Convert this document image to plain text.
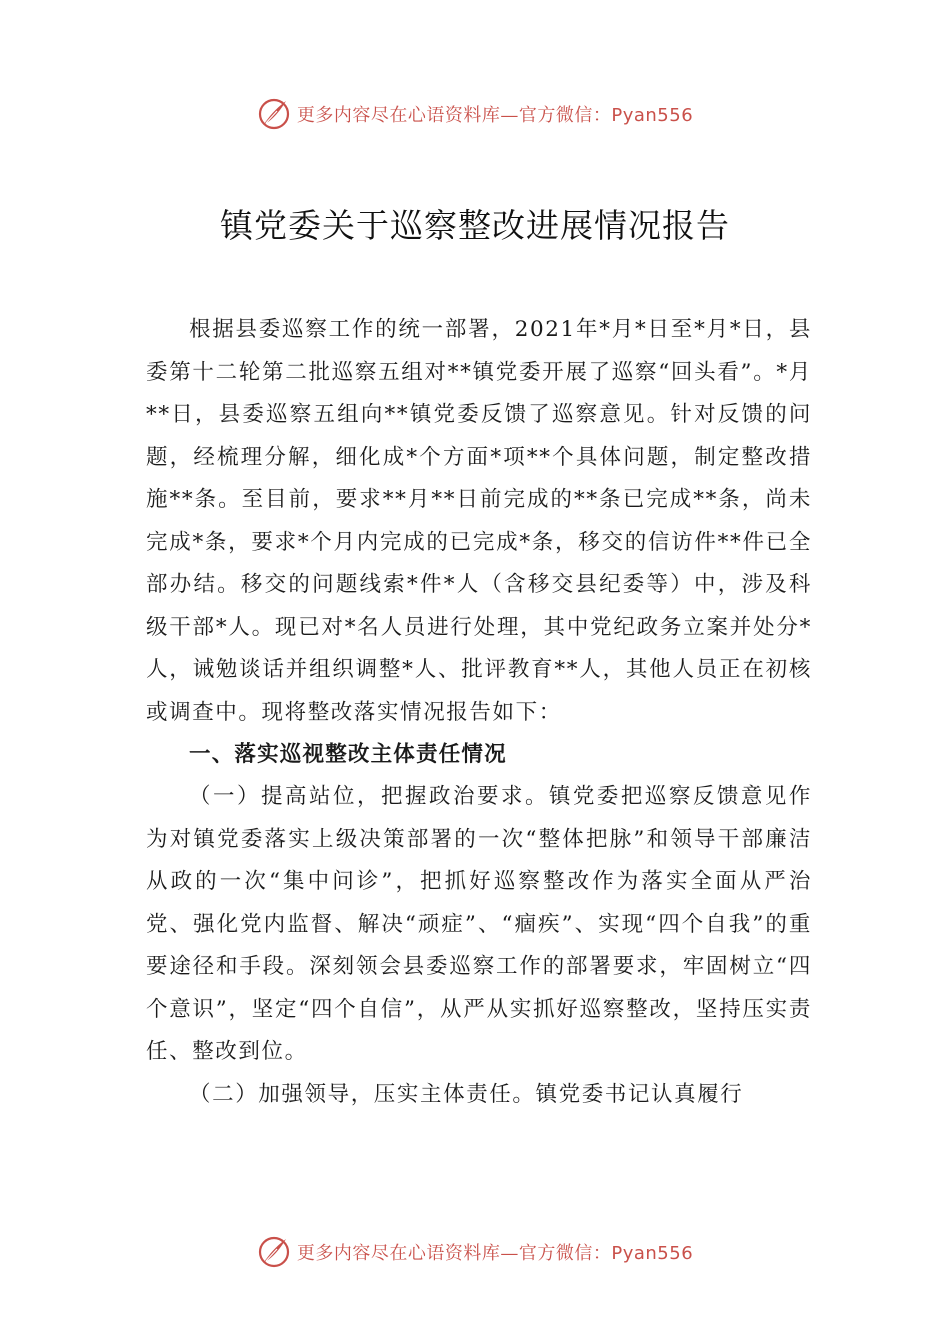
更多内容尽在心语资料库—官方微信：Pyan556
镇党委关于巡察整改进展情况报告

根据县委巡察工作的统一部署，2021年*月*日至*月*日，县委第十二轮第二批巡察五组对**镇党委开展了巡察“回头看”。*月**日，县委巡察五组向**镇党委反馈了巡察意见。针对反馈的问题，经梳理分解，细化成*个方面*项**个具体问题，制定整改措施**条。至目前，要求**月**日前完成的**条已完成**条，尚未完成*条，要求*个月内完成的已完成*条，移交的信访件**件已全部办结。移交的问题线索*件*人（含移交县纪委等）中，涉及科级干部*人。现已对*名人员进行处理，其中党纪政务立案并处分*人，诫勉谈话并组织调整*人、批评教育**人，其他人员正在初核或调查中。现将整改落实情况报告如下：

一、落实巡视整改主体责任情况

（一）提高站位，把握政治要求。镇党委把巡察反馈意见作为对镇党委落实上级决策部署的一次“整体把脉”和领导干部廉洁从政的一次“集中问诊”，把抓好巡察整改作为落实全面从严治党、强化党内监督、解决“顽症”、“痼疾”、实现“四个自我”的重要途径和手段。深刻领会县委巡察工作的部署要求，牢固树立“四个意识”，坚定“四个自信”，从严从实抓好巡察整改，坚持压实责任、整改到位。

（二）加强领导，压实主体责任。镇党委书记认真履行

更多内容尽在心语资料库—官方微信：Pyan556
